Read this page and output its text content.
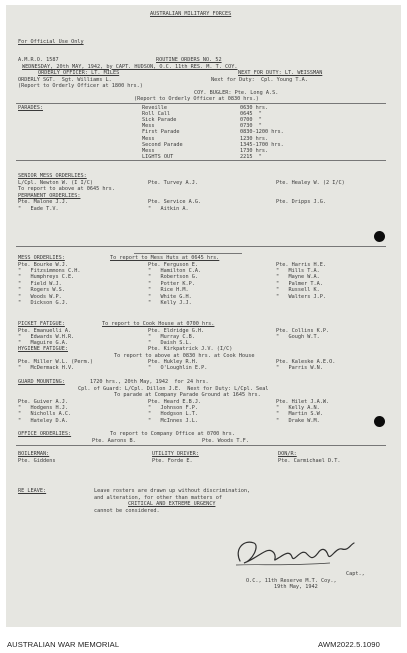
AUSTRALIAN MILITARY FORCES
For Official Use Only
A.M.R.O. 1587	ROUTINE ORDERS NO. 52
WEDNESDAY, 20th MAY, 1942, by CAPT. HUDSON, O.C. 11th RES. M. T. COY.
ORDERLY OFFICER: LT. MILES	NEXT FOR DUTY: LT. WEISSMAN
ORDERLY SGT.  Sgt. Williams L.	Next for Duty:  Cpl. Young T.A.
(Report to Orderly Officer at 1800 hrs.)
COY. BUGLER: Pte. Long A.S.
(Report to Orderly Officer at 0830 hrs.)
PARADES:	Reveille	0630 hrs.
Roll Call	0645  "
Sick Parade	0700  "
Mess	0730  "
First Parade	0830-1200 hrs.
Mess	1230 hrs.
Second Parade	1345-1700 hrs.
Mess	1730 hrs.
LIGHTS OUT	2215  "
SENIOR MESS ORDERLIES:
L/Cpl. Newton W. (I I/C)	Pte. Turvey A.J.	Pte. Healey W. (2 I/C)
To report to above at 0645 hrs.
PERMANENT ORDERLIES:
Pte. Malone J.J.	Pte. Service A.G.	Pte. Dripps J.G.
"   Eade T.V.	"   Aitkin A.
MESS ORDERLIES:	To report to Mess Huts at 0645 hrs.
Pte. Bourke W.J.	Pte. Ferguson E.	Pte. Harris H.E.
"   Fitzsimmons C.H.	"   Hamilton C.A.	"   Mills T.A.
"   Humphreys C.E.	"   Robertson G.	"   Mayne W.A.
"   Field W.J.	"   Potter K.P.	"   Palmer T.A.
"   Rogers W.S.	"   Rice H.M.	"   Russell K.
"   Woods W.P.	"   White G.H.	"   Walters J.P.
"   Dickson G.J.	"   Kelly J.J.
PICKET FATIGUE:	To report to Cook House at 0700 hrs.
Pte. Emanuelli A.	Pte. Eldridge G.H.	Pte. Collins K.P.
"   Edwards W.H.R.	"   Murray C.B.	"   Gough W.T.
"   Maguire G.A.	"   Daish S.L.
HYGIENE FATIGUE:	Pte. Kirkpatrick J.V. (I/C)
To report to above at 0830 hrs. at Cook House
Pte. Miller W.L. (Perm.)	Pte. Hukley R.H.	Pte. Kaleske A.E.O.
"   McDermack H.V.	"   O'Loughlin E.P.	"   Parris W.N.
GUARD MOUNTING:	1720 hrs., 20th May, 1942  for 24 hrs.
Cpl. of Guard: L/Cpl. Dillon J.E.  Next for Duty: L/Cpl. Seal
To parade at Company Parade Ground at 1645 hrs.
Pte. Guiver A.J.	Pte. Heard E.B.J.	Pte. Hilet J.A.W.
"   Hodgens H.J.	"   Johnson F.P.	"   Kelly A.N.
"   Nicholls A.C.	"   Hodgson L.T.	"   Martin S.W.
"   Hateley D.A.	"   McInnes J.L.	"   Drake W.M.
OFFICE ORDERLIES:	To report to Company Office at 0700 hrs.
Pte. Aarons B.	Pte. Woods T.F.
BOILERMAN:	UTILITY DRIVER:	DON/R:
Pte. Giddens	Pte. Forde E.	Pte. Carmichael D.T.
RE LEAVE:	Leave rosters are drawn up without discrimination,
and alteration, for other than matters of
CRITICAL AND EXTREME URGENCY
cannot be considered.
Capt.,
O.C., 11th Reserve M.T. Coy.,
19th May, 1942
AUSTRALIAN WAR MEMORIAL	AWM2022.5.1090
